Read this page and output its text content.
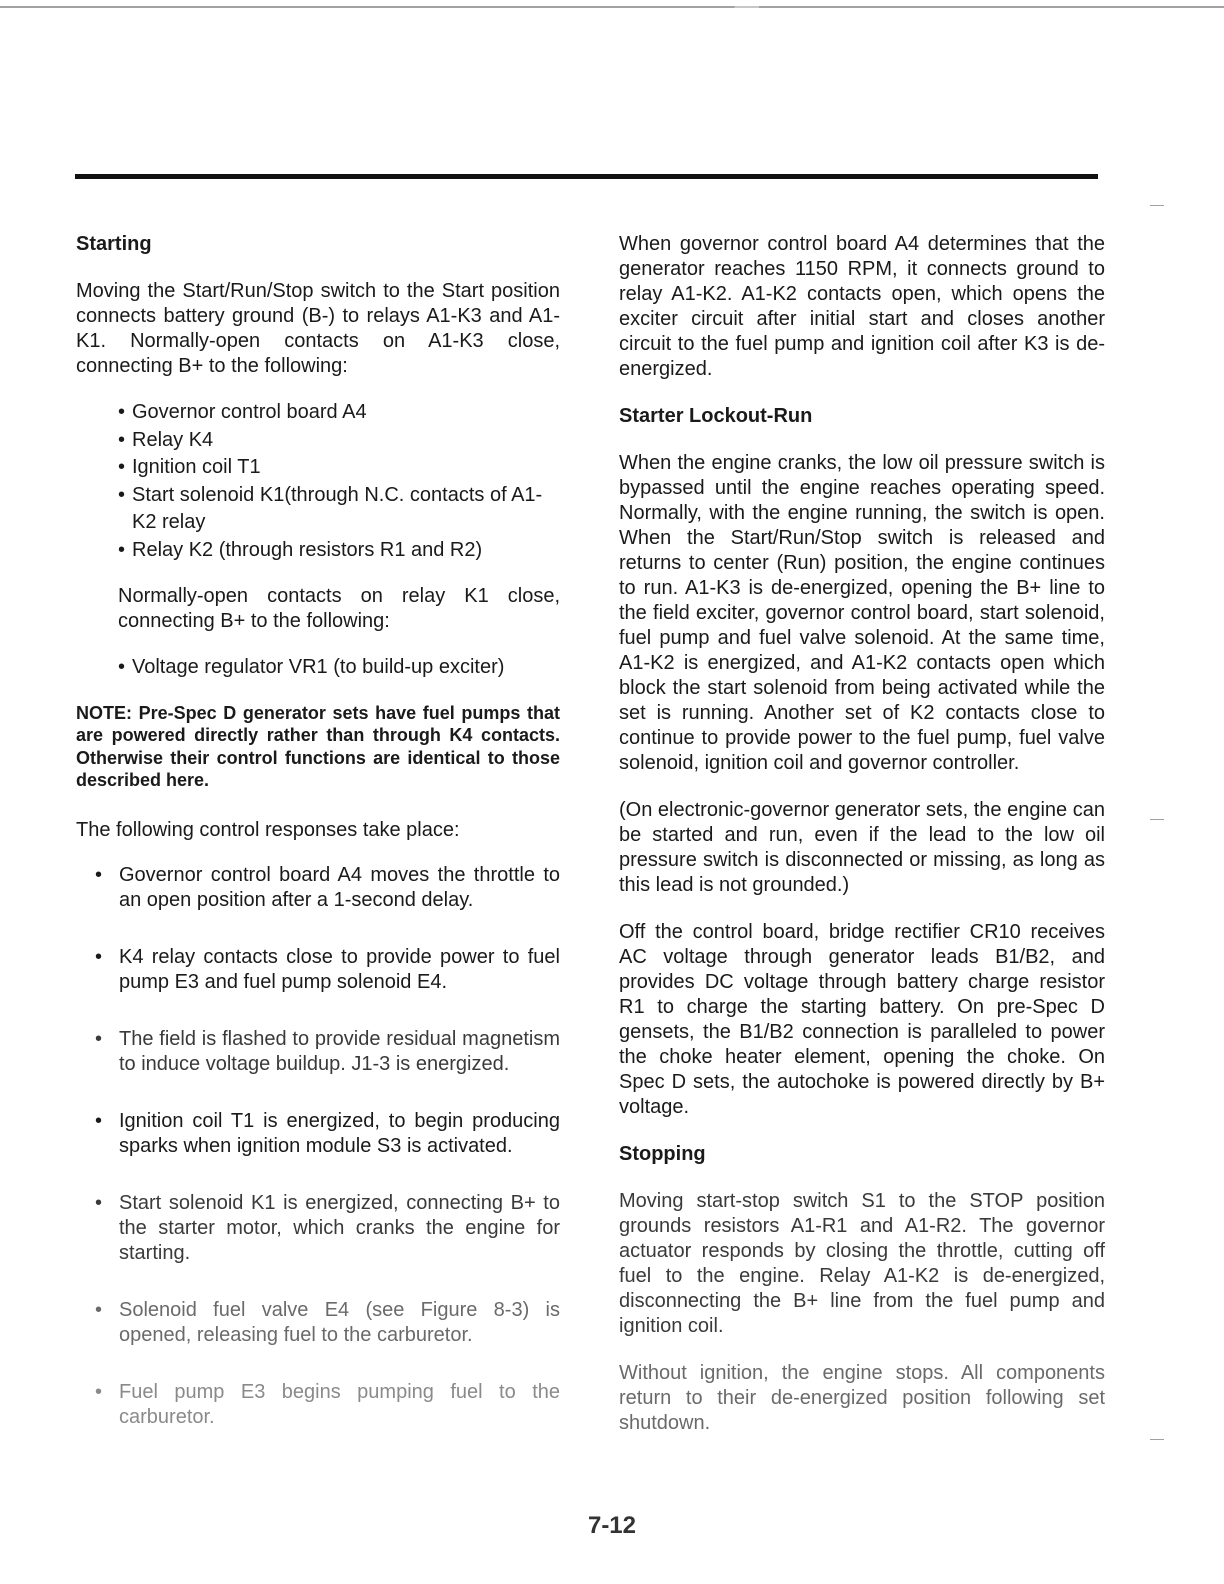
Starting

Moving the Start/Run/Stop switch to the Start position connects battery ground (B-) to relays A1-K3 and A1-K1. Normally-open contacts on A1-K3 close, connecting B+ to the following:

• Governor control board A4
• Relay K4
• Ignition coil T1
• Start solenoid K1(through N.C. contacts of A1-K2 relay
• Relay K2 (through resistors R1 and R2)

Normally-open contacts on relay K1 close, connecting B+ to the following:

• Voltage regulator VR1 (to build-up exciter)

NOTE: Pre-Spec D generator sets have fuel pumps that are powered directly rather than through K4 contacts. Otherwise their control functions are identical to those described here.

The following control responses take place:

• Governor control board A4 moves the throttle to an open position after a 1-second delay.
• K4 relay contacts close to provide power to fuel pump E3 and fuel pump solenoid E4.
• The field is flashed to provide residual magnetism to induce voltage buildup. J1-3 is energized.
• Ignition coil T1 is energized, to begin producing sparks when ignition module S3 is activated.
• Start solenoid K1 is energized, connecting B+ to the starter motor, which cranks the engine for starting.
• Solenoid fuel valve E4 (see Figure 8-3) is opened, releasing fuel to the carburetor.
• Fuel pump E3 begins pumping fuel to the carburetor.

When governor control board A4 determines that the generator reaches 1150 RPM, it connects ground to relay A1-K2. A1-K2 contacts open, which opens the exciter circuit after initial start and closes another circuit to the fuel pump and ignition coil after K3 is de-energized.

Starter Lockout-Run

When the engine cranks, the low oil pressure switch is bypassed until the engine reaches operating speed. Normally, with the engine running, the switch is open. When the Start/Run/Stop switch is released and returns to center (Run) position, the engine continues to run. A1-K3 is de-energized, opening the B+ line to the field exciter, governor control board, start solenoid, fuel pump and fuel valve solenoid. At the same time, A1-K2 is energized, and A1-K2 contacts open which block the start solenoid from being activated while the set is running. Another set of K2 contacts close to continue to provide power to the fuel pump, fuel valve solenoid, ignition coil and governor controller.

(On electronic-governor generator sets, the engine can be started and run, even if the lead to the low oil pressure switch is disconnected or missing, as long as this lead is not grounded.)

Off the control board, bridge rectifier CR10 receives AC voltage through generator leads B1/B2, and provides DC voltage through battery charge resistor R1 to charge the starting battery. On pre-Spec D gensets, the B1/B2 connection is paralleled to power the choke heater element, opening the choke. On Spec D sets, the autochoke is powered directly by B+ voltage.

Stopping

Moving start-stop switch S1 to the STOP position grounds resistors A1-R1 and A1-R2. The governor actuator responds by closing the throttle, cutting off fuel to the engine. Relay A1-K2 is de-energized, disconnecting the B+ line from the fuel pump and ignition coil.

Without ignition, the engine stops. All components return to their de-energized position following set shutdown.

7-12
—
—
—
